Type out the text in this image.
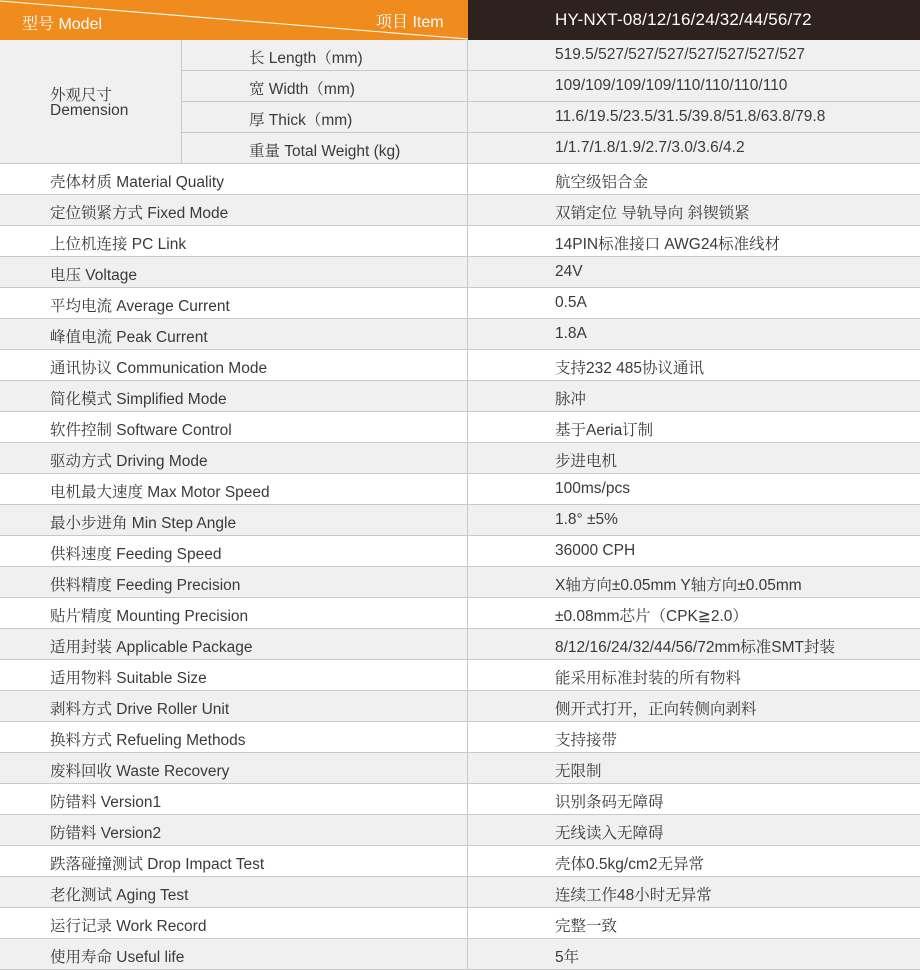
型号 Model	项目 Item	HY-NXT-08/12/16/24/32/44/56/72
外观尺寸
Demension
长 Length（mm)	519.5/527/527/527/527/527/527/527
宽 Width（mm)	109/109/109/109/110/110/110/110
厚 Thick（mm)	11.6/19.5/23.5/31.5/39.8/51.8/63.8/79.8
重量 Total Weight (kg)	1/1.7/1.8/1.9/2.7/3.0/3.6/4.2
壳体材质 Material Quality	航空级铝合金
定位锁紧方式 Fixed Mode	双销定位 导轨导向 斜锲锁紧
上位机连接 PC Link	14PIN标准接口 AWG24标准线材
电压 Voltage	24V
平均电流 Average Current	0.5A
峰值电流 Peak Current	1.8A
通讯协议 Communication Mode	支持232 485协议通讯
简化模式 Simplified Mode	脉冲
软件控制 Software Control	基于Aeria订制
驱动方式 Driving Mode	步进电机
电机最大速度 Max Motor Speed	100ms/pcs
最小步进角 Min Step Angle	1.8° ±5%
供料速度 Feeding Speed	36000 CPH
供料精度 Feeding Precision	X轴方向±0.05mm Y轴方向±0.05mm
贴片精度 Mounting Precision	±0.08mm芯片（CPK≧2.0）
适用封装 Applicable Package	8/12/16/24/32/44/56/72mm标准SMT封装
适用物料 Suitable Size	能采用标准封装的所有物料
剥料方式 Drive Roller Unit	侧开式打开，正向转侧向剥料
换料方式 Refueling Methods	支持接带
废料回收 Waste Recovery	无限制
防错料 Version1	识别条码无障碍
防错料 Version2	无线读入无障碍
跌落碰撞测试 Drop Impact Test	壳体0.5kg/cm2无异常
老化测试 Aging Test	连续工作48小时无异常
运行记录 Work Record	完整一致
使用寿命 Useful life	5年
